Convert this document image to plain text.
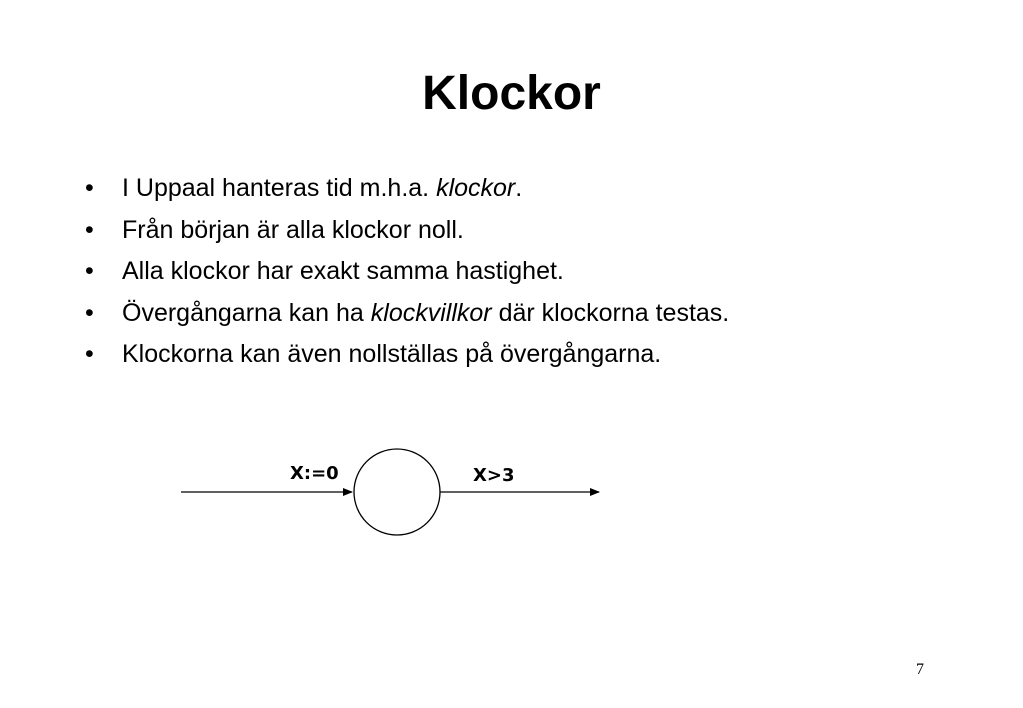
Klockor
• I Uppaal hanteras tid m.h.a. klockor.
• Från början är alla klockor noll.
• Alla klockor har exakt samma hastighet.
• Övergångarna kan ha klockvillkor där klockorna testas.
• Klockorna kan även nollställas på övergångarna.
X:=0	X>3
7
